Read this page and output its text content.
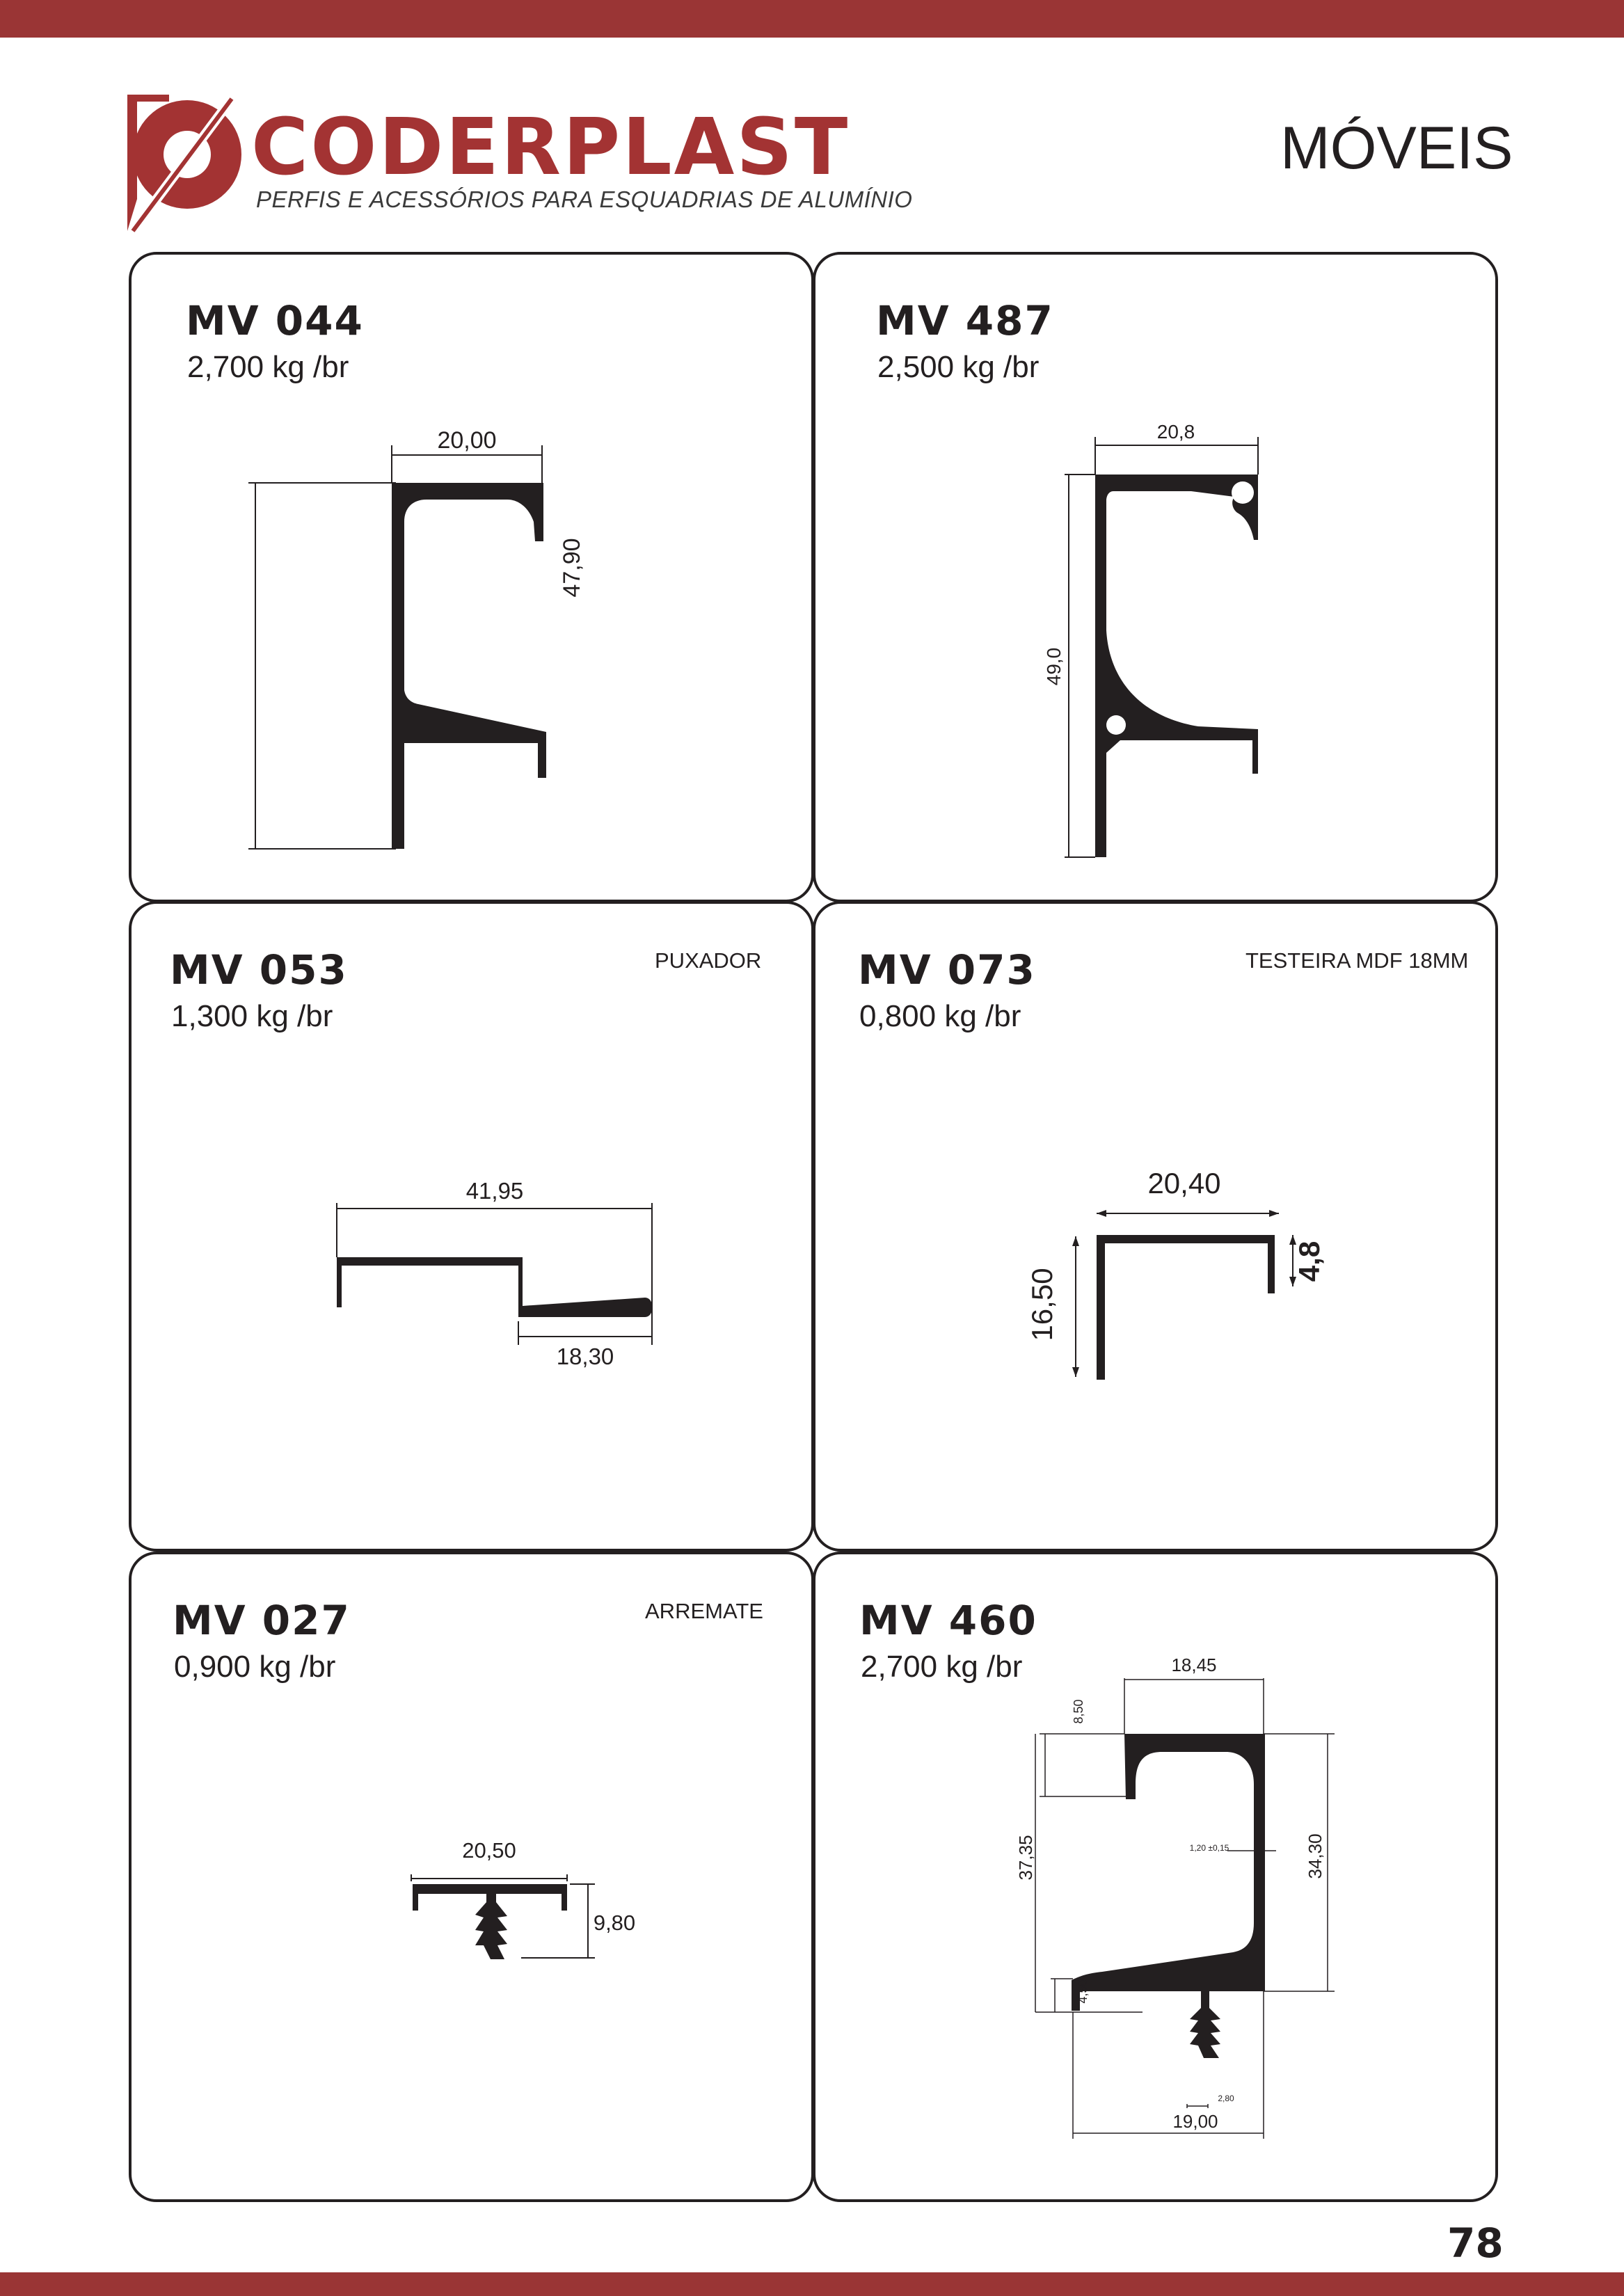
CODERPLAST
PERFIS E ACESSÓRIOS PARA ESQUADRIAS DE ALUMÍNIO
MÓVEIS
MV 044
2,700 kg /br
20,00
47,90
MV 487
2,500 kg /br
20,8
49,0
MV 053
1,300 kg /br
PUXADOR
41,95
18,30
MV 073
0,800 kg /br
TESTEIRA MDF 18MM
20,40
16,50
4,8
MV 027
0,900 kg /br
ARREMATE
20,50
9,80
MV 460
2,700 kg /br	18,45
8,50
37,35	34,30
1,20 ±0,15
4,50
2,80
19,00
78
